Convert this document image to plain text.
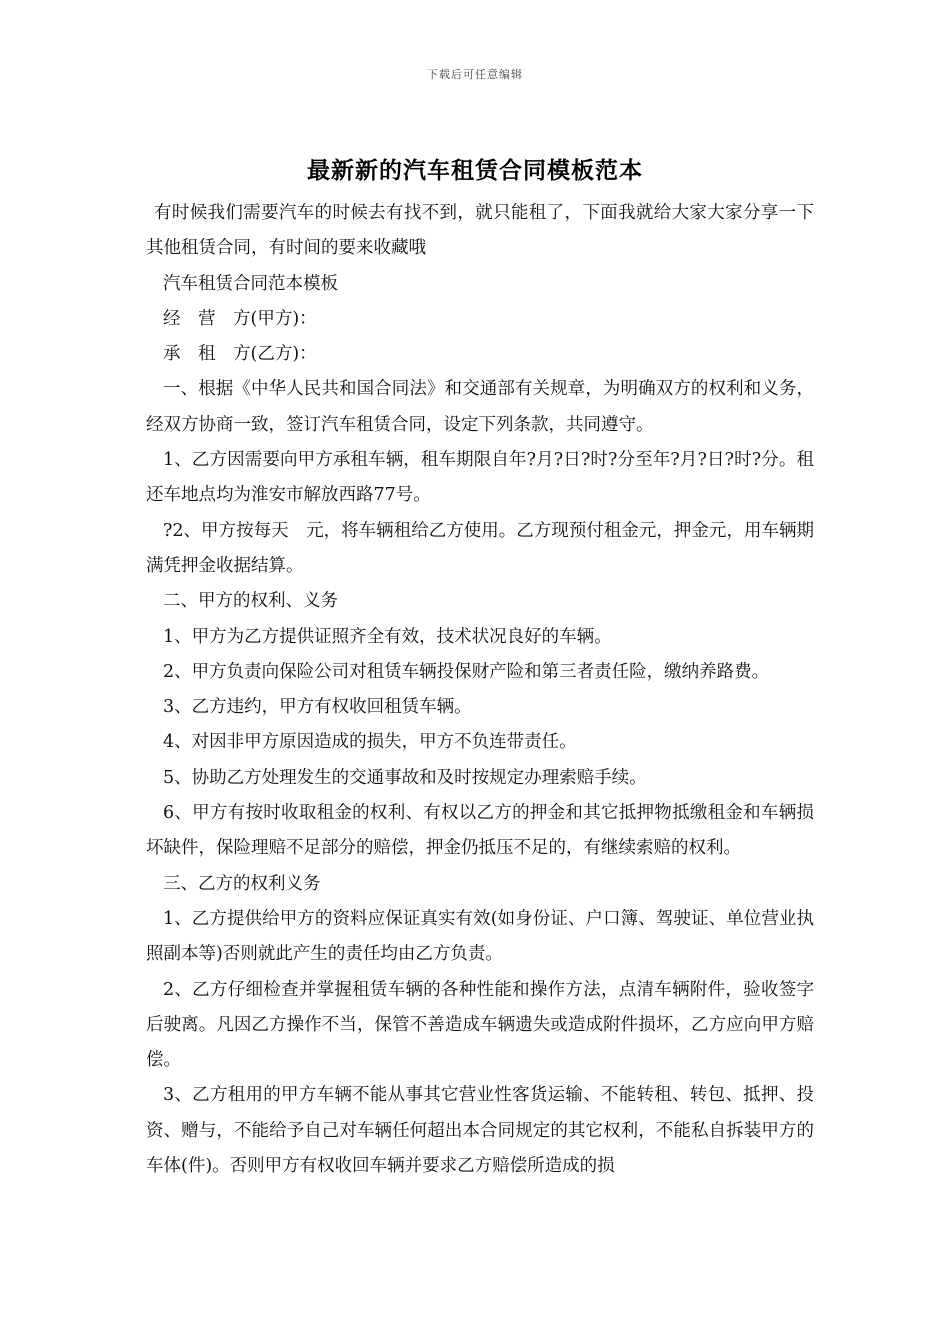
下载后可任意编辑
最新新的汽车租赁合同模板范本

有时候我们需要汽车的时候去有找不到，就只能租了，下面我就给大家大家分享一下其他租赁合同，有时间的要来收藏哦

汽车租赁合同范本模板

经　营　方(甲方)：

承　租　方(乙方)：

一、根据《中华人民共和国合同法》和交通部有关规章，为明确双方的权利和义务，经双方协商一致，签订汽车租赁合同，设定下列条款，共同遵守。

1、乙方因需要向甲方承租车辆，租车期限自年?月?日?时?分至年?月?日?时?分。租还车地点均为淮安市解放西路77号。

?2、甲方按每天　元，将车辆租给乙方使用。乙方现预付租金元，押金元，用车辆期满凭押金收据结算。

二、甲方的权利、义务

1、甲方为乙方提供证照齐全有效，技术状况良好的车辆。

2、甲方负责向保险公司对租赁车辆投保财产险和第三者责任险，缴纳养路费。

3、乙方违约，甲方有权收回租赁车辆。

4、对因非甲方原因造成的损失，甲方不负连带责任。

5、协助乙方处理发生的交通事故和及时按规定办理索赔手续。

6、甲方有按时收取租金的权利、有权以乙方的押金和其它抵押物抵缴租金和车辆损坏缺件，保险理赔不足部分的赔偿，押金仍抵压不足的，有继续索赔的权利。

三、乙方的权利义务

1、乙方提供给甲方的资料应保证真实有效(如身份证、户口簿、驾驶证、单位营业执照副本等)否则就此产生的责任均由乙方负责。

2、乙方仔细检查并掌握租赁车辆的各种性能和操作方法，点清车辆附件，验收签字后驶离。凡因乙方操作不当，保管不善造成车辆遗失或造成附件损坏，乙方应向甲方赔偿。

3、乙方租用的甲方车辆不能从事其它营业性客货运输、不能转租、转包、抵押、投资、赠与，不能给予自己对车辆任何超出本合同规定的其它权利，不能私自拆装甲方的车体(件)。否则甲方有权收回车辆并要求乙方赔偿所造成的损
